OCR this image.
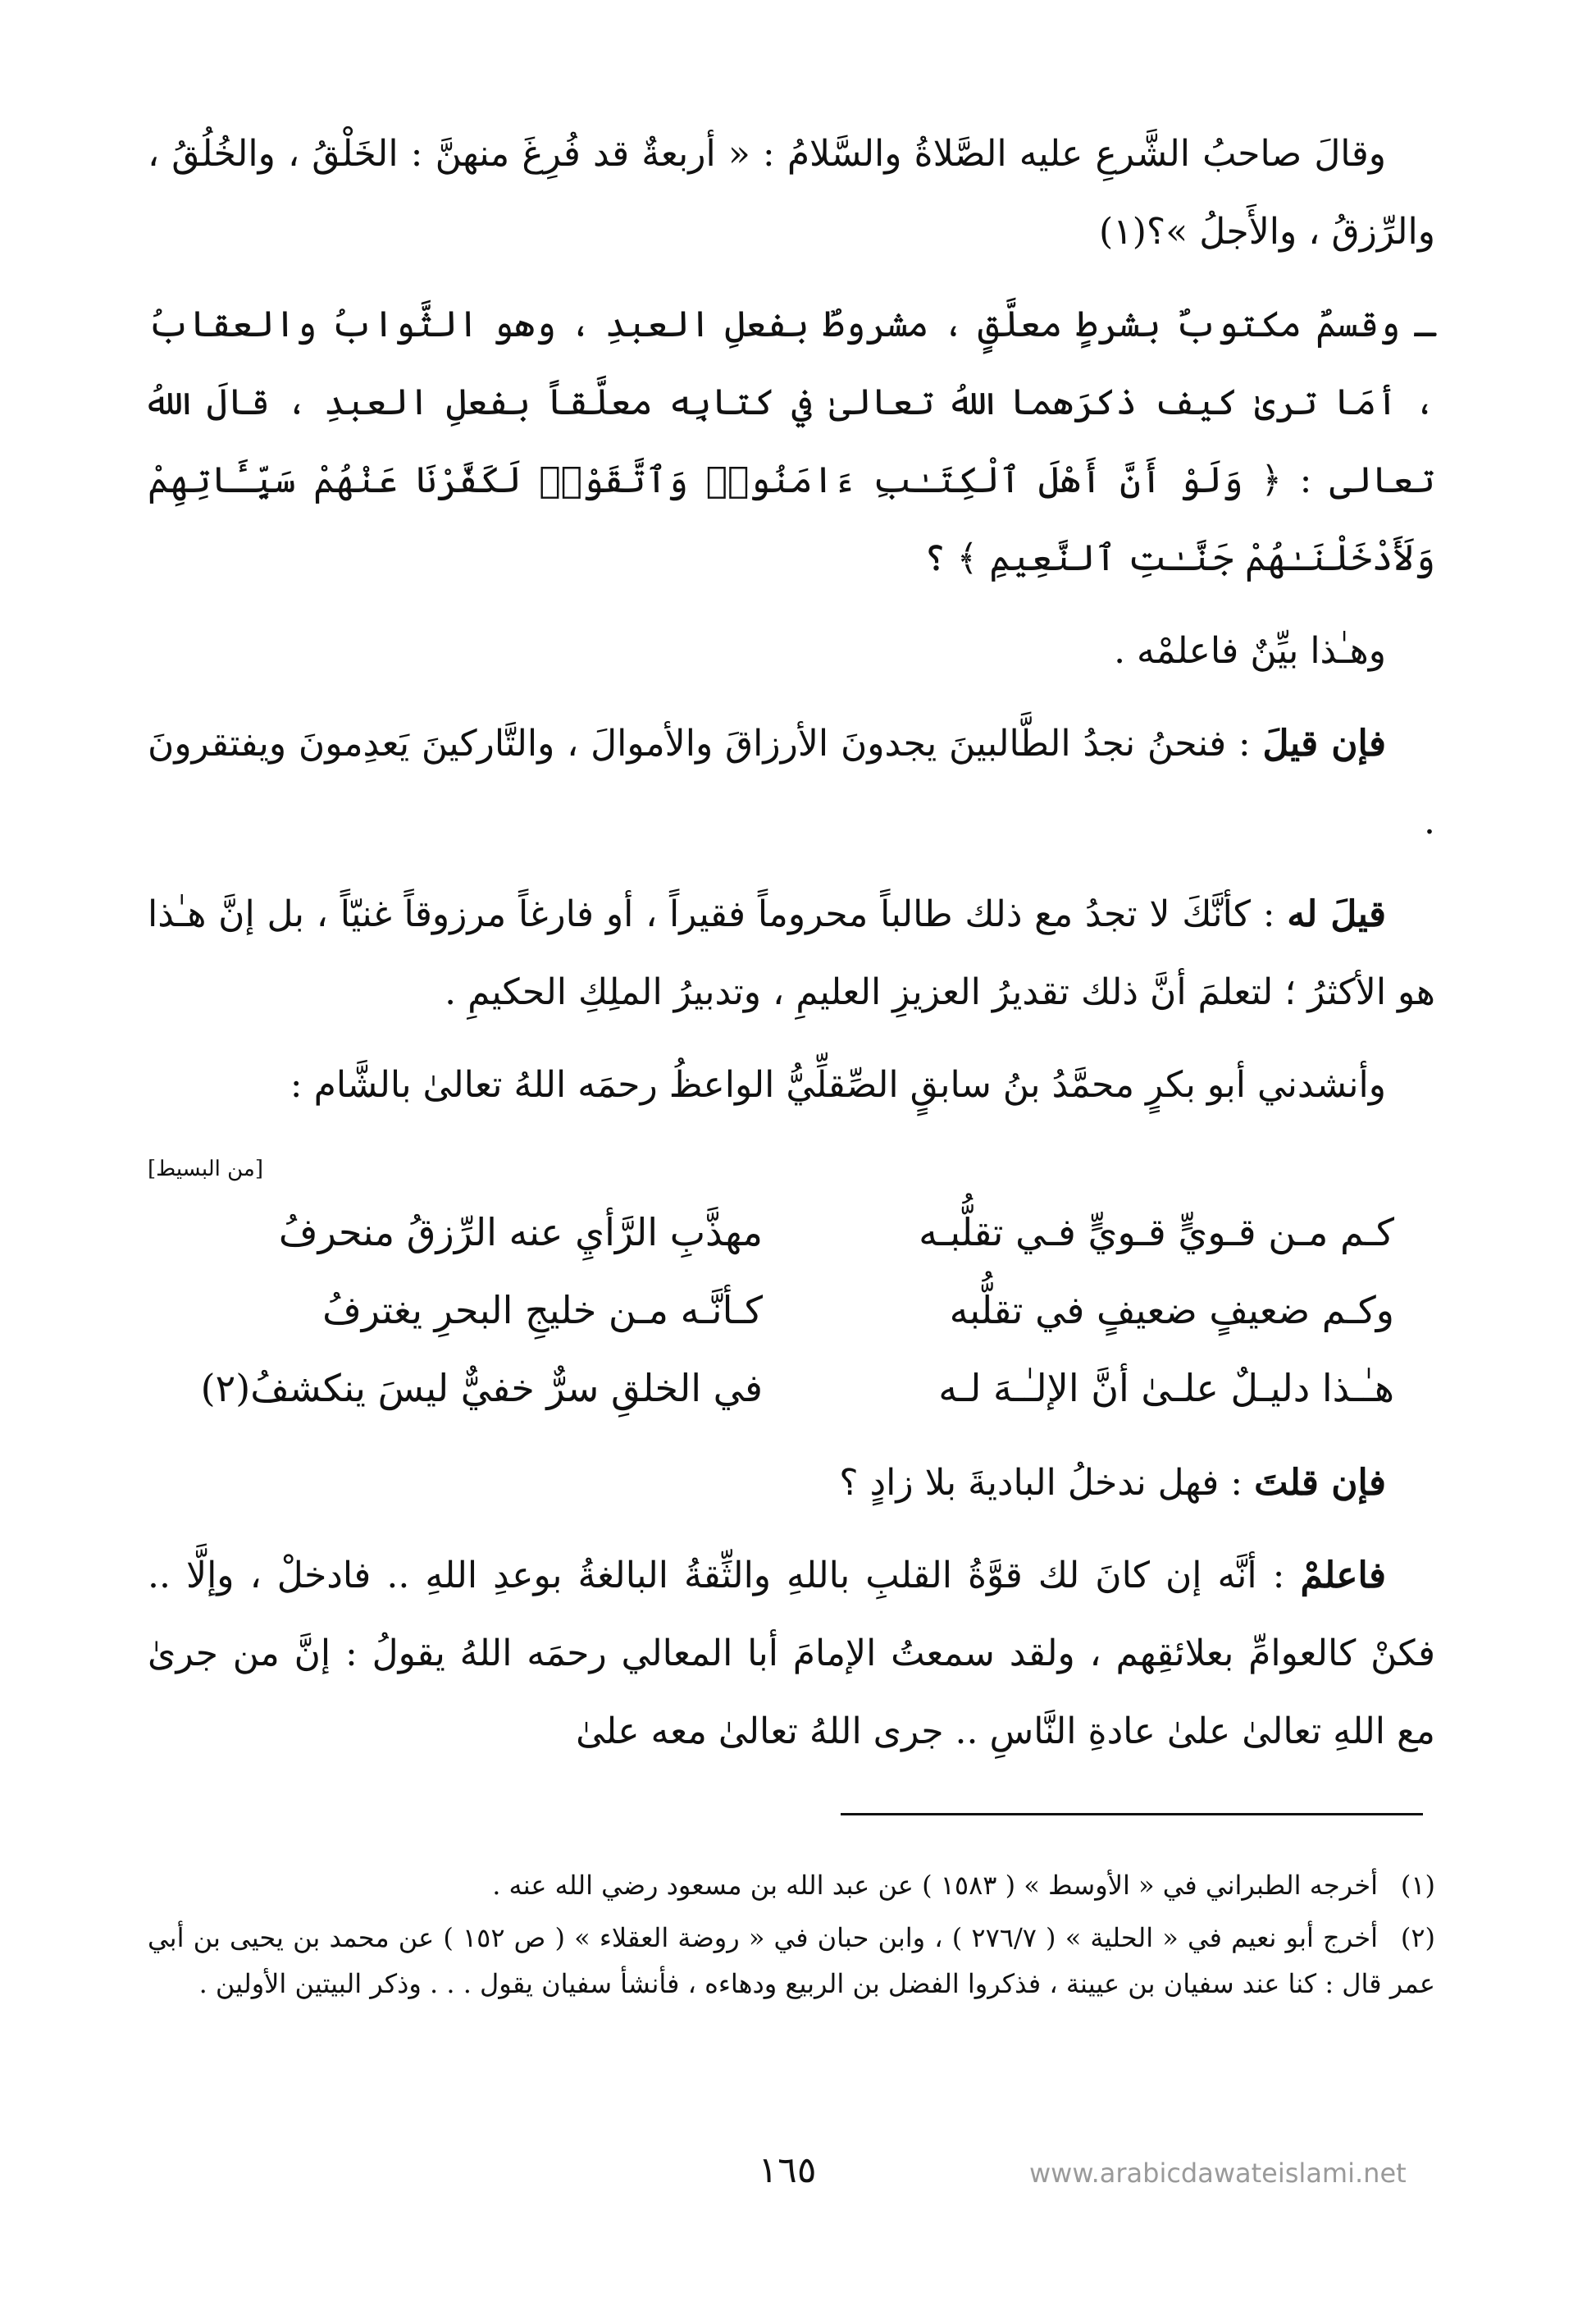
وقالَ صاحبُ الشَّرعِ عليه الصَّلاةُ والسَّلامُ : « أربعةٌ قد فُرِغَ منهنَّ : الخَلْقُ ، والخُلُقُ ، والرِّزقُ ، والأَجلُ »؟(١)

ـ وقسمٌ مكتوبٌ بشرطٍ معلَّقٍ ، مشروطٌ بفعلِ العبدِ ، وهو الثَّوابُ والعقابُ ، أمَا ترىٰ كيف ذكرَهما اللهُ تعالىٰ في كتابِه معلَّقاً بفعلِ العبدِ ، قالَ اللهُ تعالى : ﴿ وَلَوْ أَنَّ أَهْلَ ٱلْكِتَـٰبِ ءَامَنُوا۟ وَٱتَّقَوْا۟ لَكَفَّرْنَا عَنْهُمْ سَيِّـَٔاتِهِمْ وَلَأَدْخَلْنَـٰهُمْ جَنَّـٰتِ ٱلنَّعِيمِ ﴾ ؟

وهـٰذا بيِّنٌ فاعلمْه .

فإن قيلَ : فنحنُ نجدُ الطَّالبينَ يجدونَ الأرزاقَ والأموالَ ، والتَّاركينَ يَعدِمونَ ويفتقرونَ .

قيلَ له : كأنَّكَ لا تجدُ مع ذلك طالباً محروماً فقيراً ، أو فارغاً مرزوقاً غنيّاً ، بل إنَّ هـٰذا هو الأكثرُ ؛ لتعلمَ أنَّ ذلك تقديرُ العزيزِ العليمِ ، وتدبيرُ الملِكِ الحكيمِ .

وأنشدني أبو بكرٍ محمَّدُ بنُ سابقٍ الصِّقلِّيُّ الواعظُ رحمَه اللهُ تعالىٰ بالشَّام :
[من البسيط]

كـم مـن قـويٍّ قـويٍّ فـي تقلُّبـه
مهذَّبِ الرَّأيِ عنه الرِّزقُ منحرفُ
وكـم ضعيفٍ ضعيفٍ في تقلُّبه
كـأنَّـه مـن خليجِ البحرِ يغترفُ
هـٰـذا دليـلٌ علـىٰ أنَّ الإلـٰـهَ لـه
في الخلقِ سرٌّ خفيٌّ ليسَ ينكشفُ(٢)

فإن قلتَ : فهل ندخلُ الباديةَ بلا زادٍ ؟

فاعلمْ : أنَّه إن كانَ لك قوَّةُ القلبِ باللهِ والثِّقةُ البالغةُ بوعدِ اللهِ .. فادخلْ ، وإلَّا .. فكنْ كالعوامِّ بعلائقِهم ، ولقد سمعتُ الإمامَ أبا المعالي رحمَه اللهُ يقولُ : إنَّ من جرىٰ مع اللهِ تعالىٰ علىٰ عادةِ النَّاسِ .. جرى اللهُ تعالىٰ معه علىٰ

(١)أخرجه الطبراني في « الأوسط » ( ١٥٨٣ ) عن عبد الله بن مسعود رضي الله عنه .

(٢)أخرج أبو نعيم في « الحلية » ( ٢٧٦/٧ ) ، وابن حبان في « روضة العقلاء » ( ص ١٥٢ ) عن محمد بن يحيى بن أبي عمر قال : كنا عند سفيان بن عيينة ، فذكروا الفضل بن الربيع ودهاءه ، فأنشأ سفيان يقول . . . وذكر البيتين الأولين .

١٦٥	www.arabicdawateislami.net
